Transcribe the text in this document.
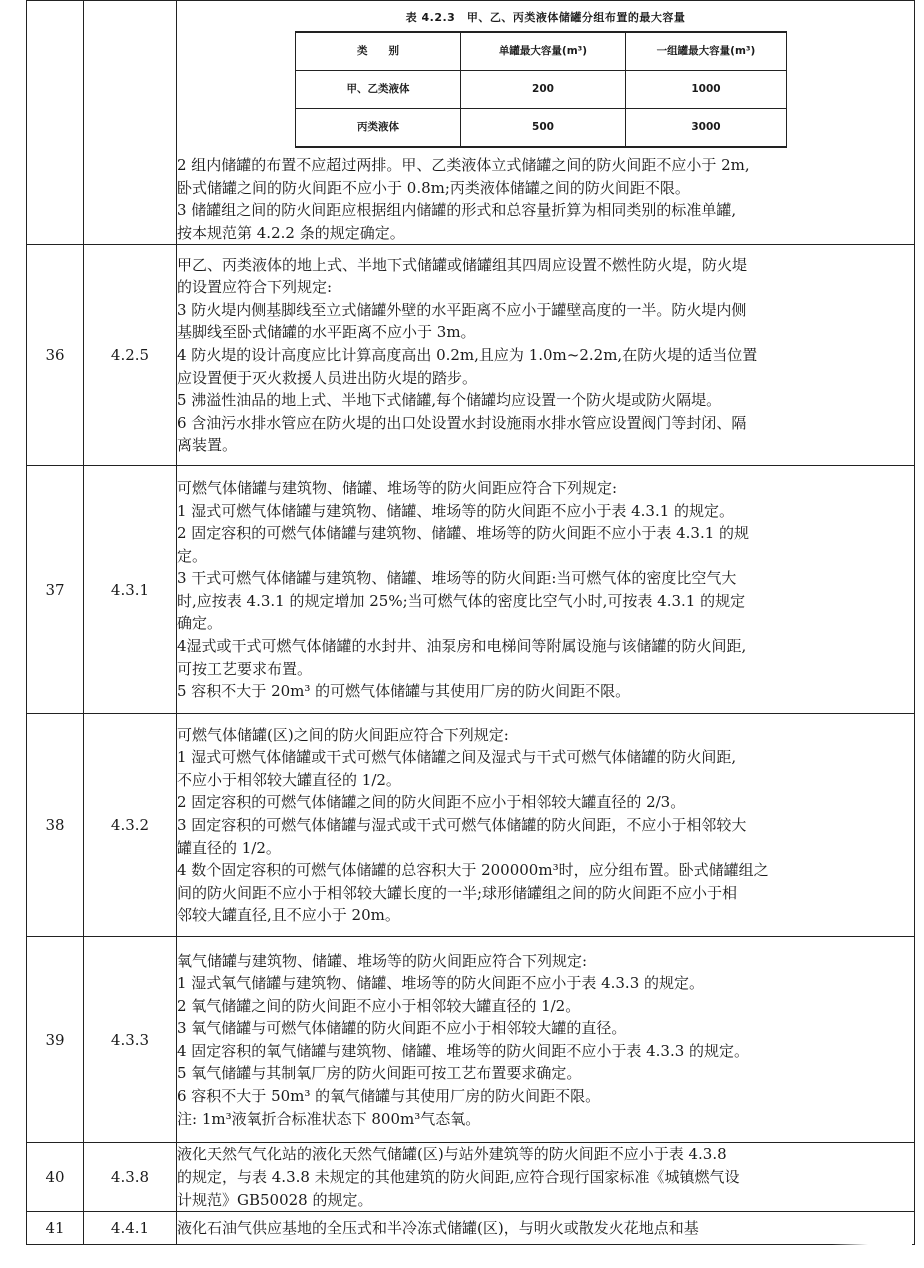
表 4.2.3　甲、乙、丙类液体储罐分组布置的最大容量
类　　别	单罐最大容量(m³)	一组罐最大容量(m³)
甲、乙类液体	200	1000
丙类液体	500	3000
2 组内储罐的布置不应超过两排。甲、乙类液体立式储罐之间的防火间距不应小于 2m,
卧式储罐之间的防火间距不应小于 0.8m;丙类液体储罐之间的防火间距不限。
3 储罐组之间的防火间距应根据组内储罐的形式和总容量折算为相同类别的标准单罐,
按本规范第 4.2.2 条的规定确定。

36	4.2.5	
甲乙、丙类液体的地上式、半地下式储罐或储罐组其四周应设置不燃性防火堤，防火堤
的设置应符合下列规定:
3 防火堤内侧基脚线至立式储罐外壁的水平距离不应小于罐壁高度的一半。防火堤内侧
基脚线至卧式储罐的水平距离不应小于 3m。
4 防火堤的设计高度应比计算高度高出 0.2m,且应为 1.0m~2.2m,在防火堤的适当位置
应设置便于灭火救援人员进出防火堤的踏步。
5 沸溢性油品的地上式、半地下式储罐,每个储罐均应设置一个防火堤或防火隔堤。
6 含油污水排水管应在防火堤的出口处设置水封设施雨水排水管应设置阀门等封闭、隔
离装置。

37	4.3.1	
可燃气体储罐与建筑物、储罐、堆场等的防火间距应符合下列规定:
1 湿式可燃气体储罐与建筑物、储罐、堆场等的防火间距不应小于表 4.3.1 的规定。
2 固定容积的可燃气体储罐与建筑物、储罐、堆场等的防火间距不应小于表 4.3.1 的规
定。
3 干式可燃气体储罐与建筑物、储罐、堆场等的防火间距:当可燃气体的密度比空气大
时,应按表 4.3.1 的规定增加 25%;当可燃气体的密度比空气小时,可按表 4.3.1 的规定
确定。
4湿式或干式可燃气体储罐的水封井、油泵房和电梯间等附属设施与该储罐的防火间距,
可按工艺要求布置。
5 容积不大于 20m³ 的可燃气体储罐与其使用厂房的防火间距不限。

38	4.3.2	
可燃气体储罐(区)之间的防火间距应符合下列规定:
1 湿式可燃气体储罐或干式可燃气体储罐之间及湿式与干式可燃气体储罐的防火间距,
不应小于相邻较大罐直径的 1/2。
2 固定容积的可燃气体储罐之间的防火间距不应小于相邻较大罐直径的 2/3。
3 固定容积的可燃气体储罐与湿式或干式可燃气体储罐的防火间距，不应小于相邻较大
罐直径的 1/2。
4 数个固定容积的可燃气体储罐的总容积大于 200000m³时，应分组布置。卧式储罐组之
间的防火间距不应小于相邻较大罐长度的一半;球形储罐组之间的防火间距不应小于相
邻较大罐直径,且不应小于 20m。

39	4.3.3	
氧气储罐与建筑物、储罐、堆场等的防火间距应符合下列规定:
1 湿式氧气储罐与建筑物、储罐、堆场等的防火间距不应小于表 4.3.3 的规定。
2 氧气储罐之间的防火间距不应小于相邻较大罐直径的 1/2。
3 氧气储罐与可燃气体储罐的防火间距不应小于相邻较大罐的直径。
4 固定容积的氧气储罐与建筑物、储罐、堆场等的防火间距不应小于表 4.3.3 的规定。
5 氧气储罐与其制氧厂房的防火间距可按工艺布置要求确定。
6 容积不大于 50m³ 的氧气储罐与其使用厂房的防火间距不限。
注: 1m³液氧折合标准状态下 800m³气态氧。

40	4.3.8	
液化天然气气化站的液化天然气储罐(区)与站外建筑等的防火间距不应小于表 4.3.8
的规定，与表 4.3.8 未规定的其他建筑的防火间距,应符合现行国家标准《城镇燃气设
计规范》GB50028 的规定。

41	4.4.1	液化石油气供应基地的全压式和半冷冻式储罐(区)，与明火或散发火花地点和基
